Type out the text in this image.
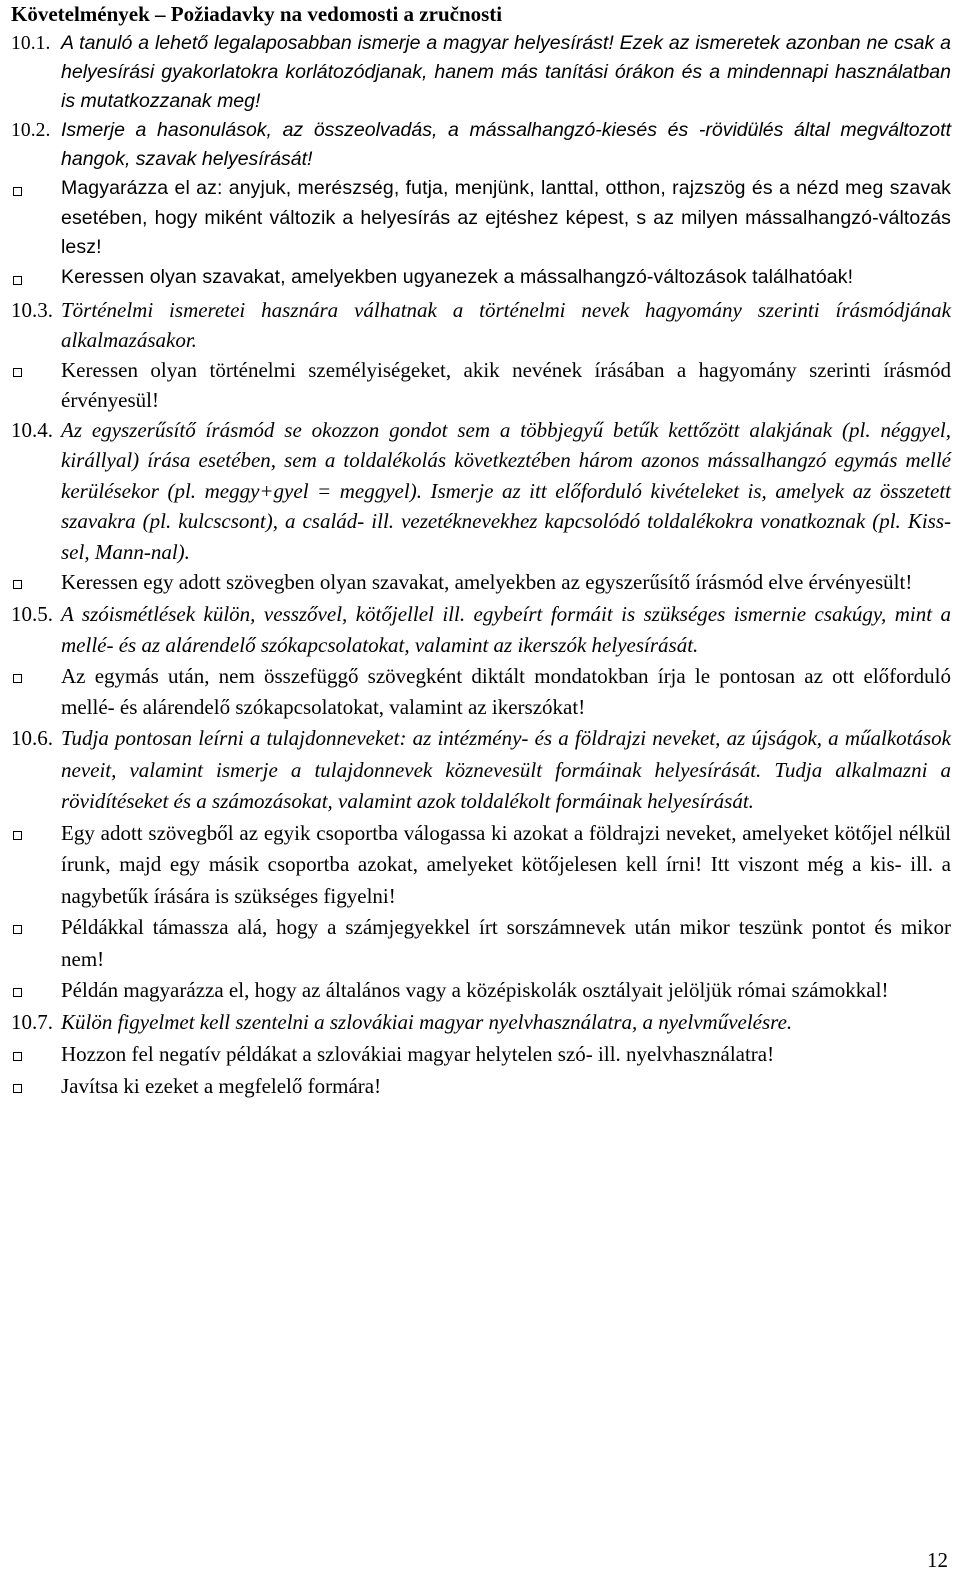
Követelmények – Požiadavky na vedomosti a zručnosti
10.1. A tanuló a lehető legalaposabban ismerje a magyar helyesírást! Ezek az ismeretek azonban ne csak a helyesírási gyakorlatokra korlátozódjanak, hanem más tanítási órákon és a mindennapi használatban is mutatkozzanak meg!
10.2. Ismerje a hasonulások, az összeolvadás, a mássalhangzó-kiesés és -rövidülés által megváltozott hangok, szavak helyesírását!
Magyarázza el az: anyjuk, merészség, futja, menjünk, lanttal, otthon, rajzszög és a nézd meg szavak esetében, hogy miként változik a helyesírás az ejtéshez képest, s az milyen mássalhangzó-változás lesz!
Keressen olyan szavakat, amelyekben ugyanezek a mássalhangzó-változások találhatóak!
10.3. Történelmi ismeretei hasznára válhatnak a történelmi nevek hagyomány szerinti írásmódjának alkalmazásakor.
Keressen olyan történelmi személyiségeket, akik nevének írásában a hagyomány szerinti írásmód érvényesül!
10.4. Az egyszerűsítő írásmód se okozzon gondot sem a többjegyű betűk kettőzött alakjának (pl. néggyel, királlyal) írása esetében, sem a toldalékolás következtében három azonos mássalhangzó egymás mellé kerülésekor (pl. meggy+gyel = meggyel). Ismerje az itt előforduló kivételeket is, amelyek az összetett szavakra (pl. kulcscsont), a család- ill. vezetéknevekhez kapcsolódó toldalékokra vonatkoznak (pl. Kiss-sel, Mann-nal).
Keressen egy adott szövegben olyan szavakat, amelyekben az egyszerűsítő írásmód elve érvényesült!
10.5. A szóismétlések külön, vesszővel, kötőjellel ill. egybeírt formáit is szükséges ismernie csakúgy, mint a mellé- és az alárendelő szókapcsolatokat, valamint az ikerszók helyesírását.
Az egymás után, nem összefüggő szövegként diktált mondatokban írja le pontosan az ott előforduló mellé- és alárendelő szókapcsolatokat, valamint az ikerszókat!
10.6. Tudja pontosan leírni a tulajdonneveket: az intézmény- és a földrajzi neveket, az újságok, a műalkotások neveit, valamint ismerje a tulajdonnevek köznevesült formáinak helyesírását. Tudja alkalmazni a rövidítéseket és a számozásokat, valamint azok toldalékolt formáinak helyesírását.
Egy adott szövegből az egyik csoportba válogassa ki azokat a földrajzi neveket, amelyeket kötőjel nélkül írunk, majd egy másik csoportba azokat, amelyeket kötőjelesen kell írni! Itt viszont még a kis- ill. a nagybetűk írására is szükséges figyelni!
Példákkal támassza alá, hogy a számjegyekkel írt sorszámnevek után mikor teszünk pontot és mikor nem!
Példán magyarázza el, hogy az általános vagy a középiskolák osztályait jelöljük római számokkal!
10.7. Külön figyelmet kell szentelni a szlovákiai magyar nyelvhasználatra, a nyelvművelésre.
Hozzon fel negatív példákat a szlovákiai magyar helytelen szó- ill. nyelvhasználatra!
Javítsa ki ezeket a megfelelő formára!
12
